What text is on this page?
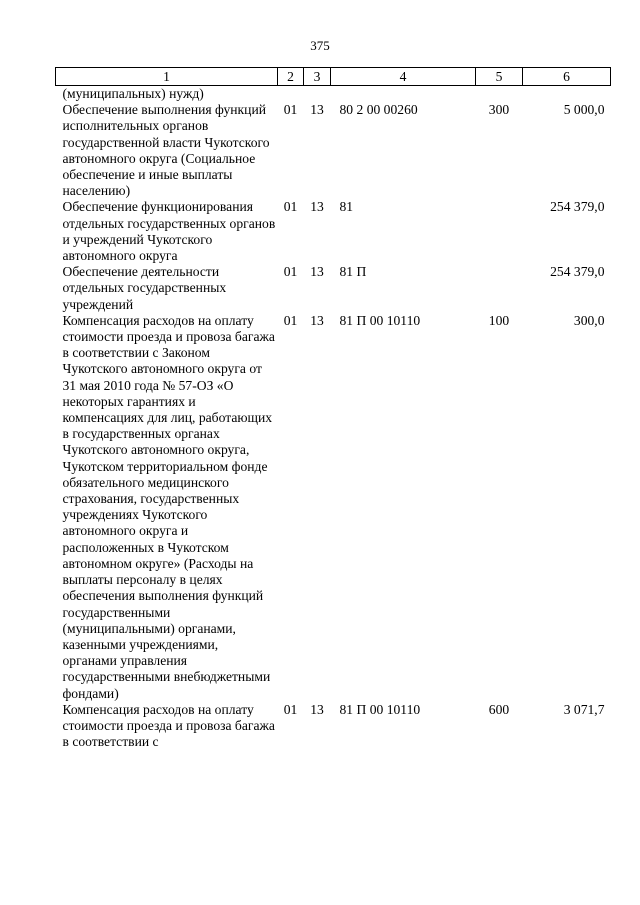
375
1	2	3	4	5	6
(муниципальных) нужд)					
Обеспечение выполнения функций исполнительных органов государственной власти Чукотского автономного округа (Социальное обеспечение и иные выплаты населению)	01	13	80 2 00 00260	300	5 000,0
Обеспечение функционирования отдельных государственных органов и учреждений Чукотского автономного округа	01	13	81		254 379,0
Обеспечение деятельности отдельных государственных учреждений	01	13	81 П		254 379,0
Компенсация расходов на оплату стоимости проезда и провоза багажа в соответствии с Законом Чукотского автономного округа от 31 мая 2010 года № 57-ОЗ «О некоторых гарантиях и компенсациях для лиц, работающих в государственных органах Чукотского автономного округа, Чукотском территориальном фонде обязательного медицинского страхования, государственных учреждениях Чукотского автономного округа и расположенных в Чукотском автономном округе» (Расходы на выплаты персоналу в целях обеспечения выполнения функций государственными (муниципальными) органами, казенными учреждениями, органами управления государственными внебюджетными фондами)	01	13	81 П 00 10110	100	300,0
Компенсация расходов на оплату стоимости проезда и провоза багажа в соответствии с	01	13	81 П 00 10110	600	3 071,7
